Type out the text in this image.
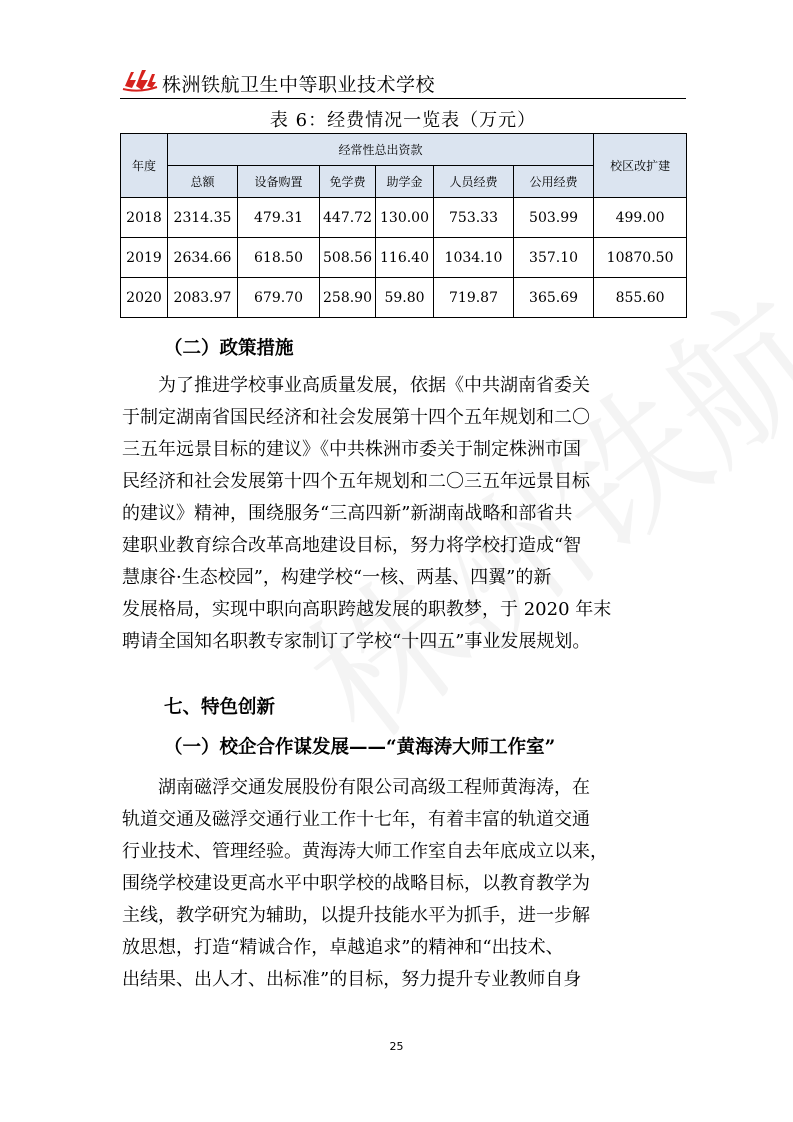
株洲铁航卫生中等职业技术学校
表 6：经费情况一览表（万元）
年度	经常性总出资款						校区改扩建
	总额	设备购置	免学费	助学金	人员经费	公用经费	
2018	2314.35	479.31	447.72	130.00	753.33	503.99	499.00
2019	2634.66	618.50	508.56	116.40	1034.10	357.10	10870.50
2020	2083.97	679.70	258.90	59.80	719.87	365.69	855.60
（二）政策措施
　　为了推进学校事业高质量发展，依据《中共湖南省委关
于制定湖南省国民经济和社会发展第十四个五年规划和二〇
三五年远景目标的建议》《中共株洲市委关于制定株洲市国
民经济和社会发展第十四个五年规划和二〇三五年远景目标
的建议》精神，围绕服务“三高四新”新湖南战略和部省共
建职业教育综合改革高地建设目标，努力将学校打造成“智
慧康谷·生态校园”，构建学校“一核、两基、四翼”的新
发展格局，实现中职向高职跨越发展的职教梦，于 2020 年末
聘请全国知名职教专家制订了学校“十四五”事业发展规划。
七、特色创新
（一）校企合作谋发展——“黄海涛大师工作室”
　　湖南磁浮交通发展股份有限公司高级工程师黄海涛，在
轨道交通及磁浮交通行业工作十七年，有着丰富的轨道交通
行业技术、管理经验。黄海涛大师工作室自去年底成立以来，
围绕学校建设更高水平中职学校的战略目标，以教育教学为
主线，教学研究为辅助，以提升技能水平为抓手，进一步解
放思想，打造“精诚合作，卓越追求”的精神和“出技术、
出结果、出人才、出标准”的目标，努力提升专业教师自身
25
